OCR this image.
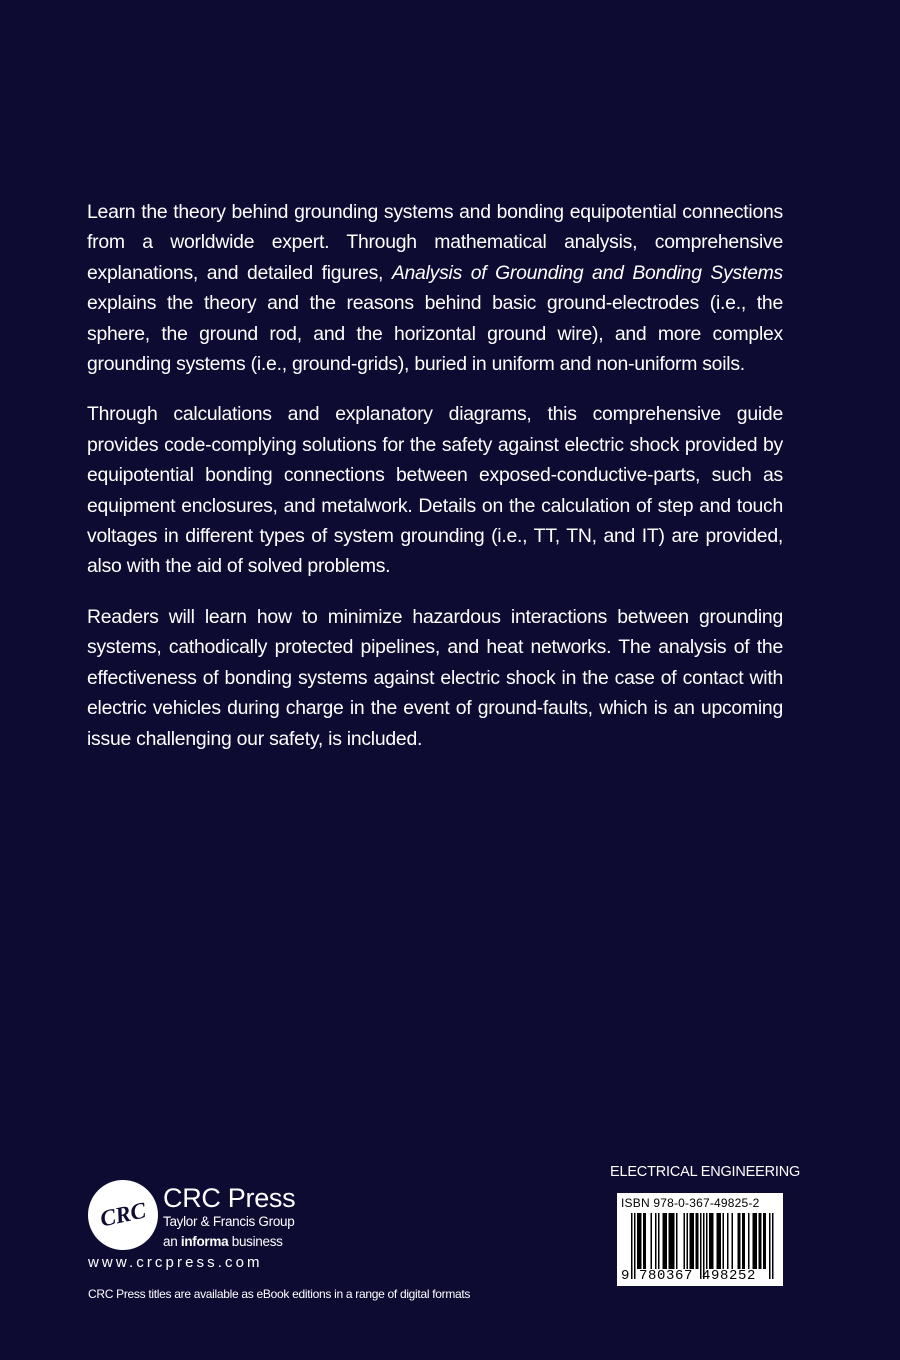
Learn the theory behind grounding systems and bonding equipotential connections from a worldwide expert. Through mathematical analysis, comprehensive explanations, and detailed figures, Analysis of Grounding and Bonding Systems explains the theory and the reasons behind basic ground-electrodes (i.e., the sphere, the ground rod, and the horizontal ground wire), and more complex grounding systems (i.e., ground-grids), buried in uniform and non-uniform soils.

Through calculations and explanatory diagrams, this comprehensive guide provides code-complying solutions for the safety against electric shock provided by equipotential bonding connections between exposed-conductive-parts, such as equipment enclosures, and metalwork. Details on the calculation of step and touch voltages in different types of system grounding (i.e., TT, TN, and IT) are provided, also with the aid of solved problems.

Readers will learn how to minimize hazardous interactions between grounding systems, cathodically protected pipelines, and heat networks. The analysis of the effectiveness of bonding systems against electric shock in the case of contact with electric vehicles during charge in the event of ground-faults, which is an upcoming issue challenging our safety, is included.

CRC CRC Press
Taylor & Francis Group
an informa business
www.crcpress.com
CRC Press titles are available as eBook editions in a range of digital formats
ELECTRICAL ENGINEERING
ISBN 978-0-367-49825-2
9 780367 498252
